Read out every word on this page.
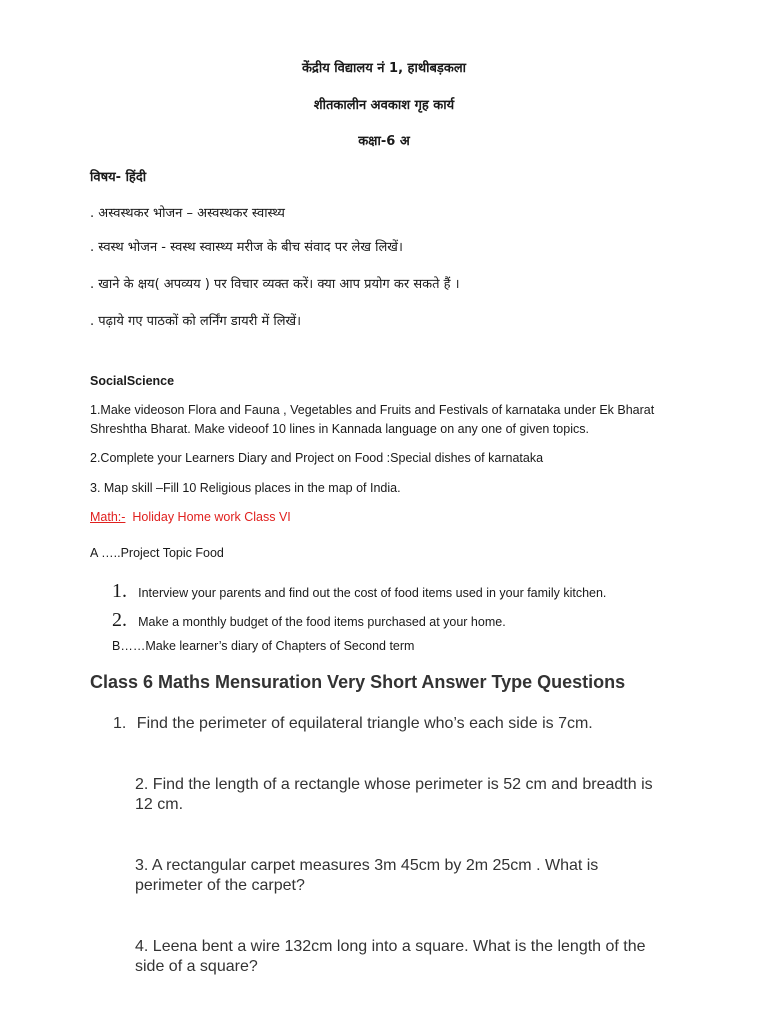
केंद्रीय विद्यालय नं 1, हाथीबड़कला
शीतकालीन अवकाश गृह कार्य
कक्षा-6 अ
विषय- हिंदी
. अस्वस्थकर भोजन – अस्वस्थकर स्वास्थ्य
. स्वस्थ भोजन - स्वस्थ स्वास्थ्य मरीज के बीच संवाद पर लेख लिखें।
. खाने के क्षय( अपव्यय ) पर विचार व्यक्त करें। क्या आप प्रयोग कर सकते हैं ।
. पढ़ाये गए पाठकों को लर्निंग डायरी में लिखें।
SocialScience
1.Make videoson Flora and Fauna , Vegetables and Fruits and Festivals of karnataka under Ek Bharat
Shreshtha Bharat. Make videoof 10 lines in Kannada language on any one of given topics.
2.Complete your Learners Diary and Project on Food :Special dishes of karnataka
3. Map skill –Fill 10 Religious places in the map of India.
Math:- Holiday Home work Class VI
A …..Project Topic Food
1. Interview your parents and find out the cost of food items used in your family kitchen.
2. Make a monthly budget of the food items purchased at your home.
B……Make learner’s diary of Chapters of Second term
Class 6 Maths Mensuration Very Short Answer Type Questions
1. Find the perimeter of equilateral triangle who’s each side is 7cm.
2. Find the length of a rectangle whose perimeter is 52 cm and breadth is
12 cm.
3. A rectangular carpet measures 3m 45cm by 2m 25cm . What is
perimeter of the carpet?
4. Leena bent a wire 132cm long into a square. What is the length of the
side of a square?
